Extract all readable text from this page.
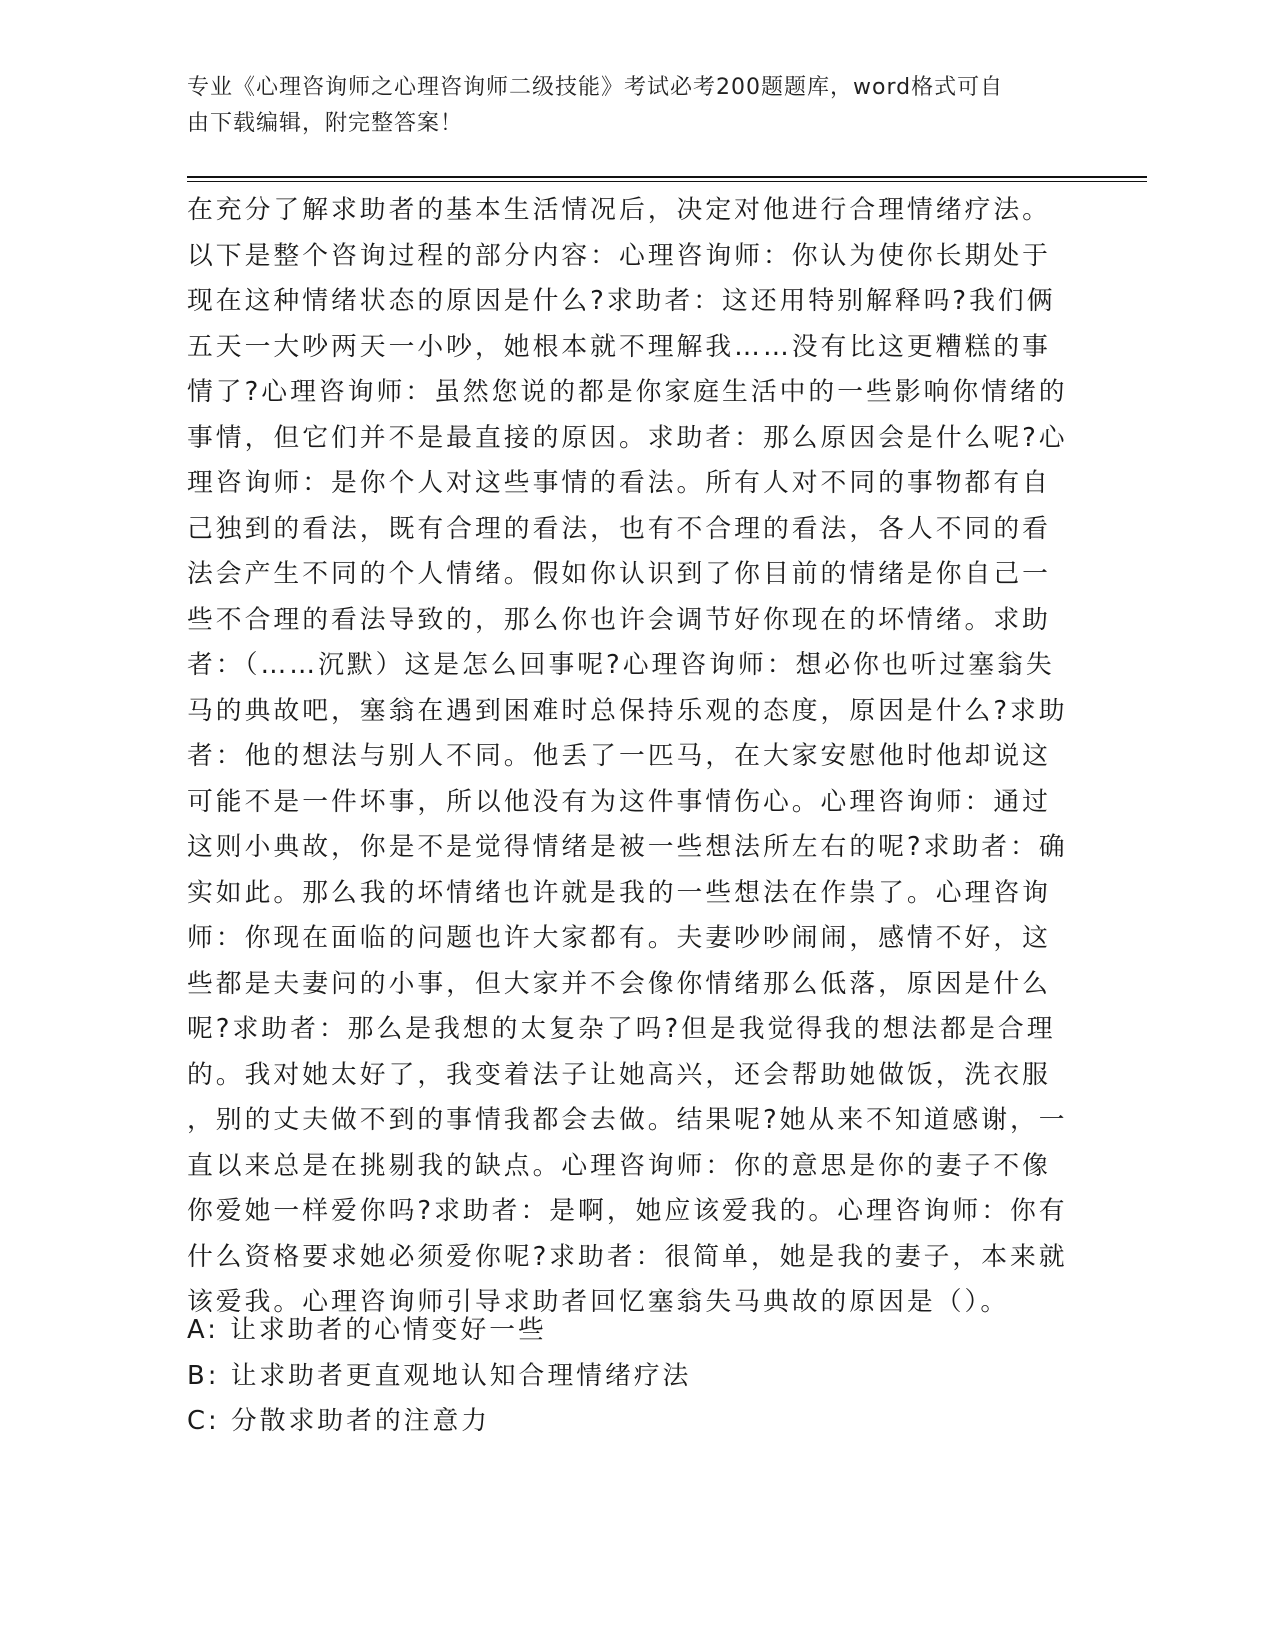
专业《心理咨询师之心理咨询师二级技能》考试必考200题题库，word格式可自
由下载编辑，附完整答案！
在充分了解求助者的基本生活情况后，决定对他进行合理情绪疗法。
以下是整个咨询过程的部分内容：心理咨询师：你认为使你长期处于
现在这种情绪状态的原因是什么?求助者：这还用特别解释吗?我们俩
五天一大吵两天一小吵，她根本就不理解我……没有比这更糟糕的事
情了?心理咨询师：虽然您说的都是你家庭生活中的一些影响你情绪的
事情，但它们并不是最直接的原因。求助者：那么原因会是什么呢?心
理咨询师：是你个人对这些事情的看法。所有人对不同的事物都有自
己独到的看法，既有合理的看法，也有不合理的看法，各人不同的看
法会产生不同的个人情绪。假如你认识到了你目前的情绪是你自己一
些不合理的看法导致的，那么你也许会调节好你现在的坏情绪。求助
者：（……沉默）这是怎么回事呢?心理咨询师：想必你也听过塞翁失
马的典故吧，塞翁在遇到困难时总保持乐观的态度，原因是什么?求助
者：他的想法与别人不同。他丢了一匹马，在大家安慰他时他却说这
可能不是一件坏事，所以他没有为这件事情伤心。心理咨询师：通过
这则小典故，你是不是觉得情绪是被一些想法所左右的呢?求助者：确
实如此。那么我的坏情绪也许就是我的一些想法在作祟了。心理咨询
师：你现在面临的问题也许大家都有。夫妻吵吵闹闹，感情不好，这
些都是夫妻问的小事，但大家并不会像你情绪那么低落，原因是什么
呢?求助者：那么是我想的太复杂了吗?但是我觉得我的想法都是合理
的。我对她太好了，我变着法子让她高兴，还会帮助她做饭，洗衣服
，别的丈夫做不到的事情我都会去做。结果呢?她从来不知道感谢，一
直以来总是在挑剔我的缺点。心理咨询师：你的意思是你的妻子不像
你爱她一样爱你吗?求助者：是啊，她应该爱我的。心理咨询师：你有
什么资格要求她必须爱你呢?求助者：很简单，她是我的妻子，本来就
该爱我。心理咨询师引导求助者回忆塞翁失马典故的原因是（）。
A: 让求助者的心情变好一些
B: 让求助者更直观地认知合理情绪疗法
C: 分散求助者的注意力
